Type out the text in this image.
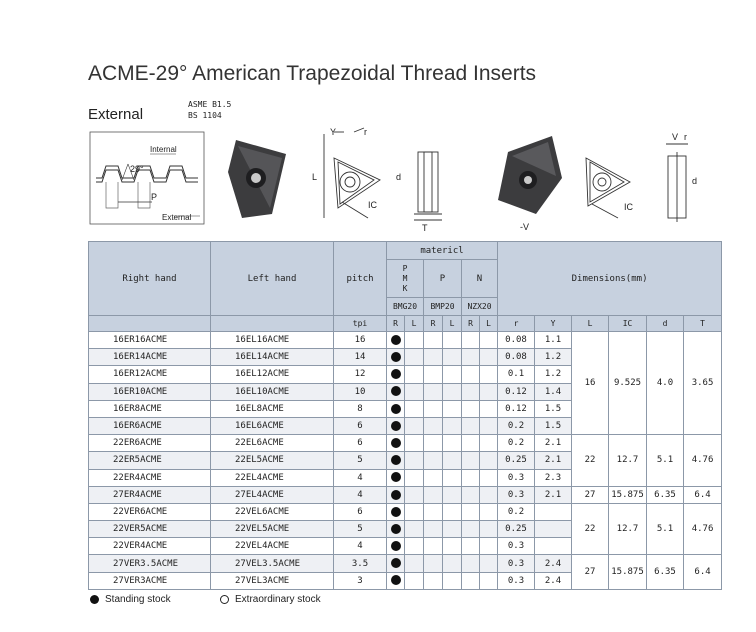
ACME-29° American Trapezoidal Thread Inserts
External
ASME B1.5
BS 1104
Internal
External
29°
P
Y	r
L
IC
d
T	-V
IC
V r
d
Right hand	Left hand	pitch	matericl						Dimensions(mm)					

			P
M
K		P		N							
			BMG20		BMP20		NZX20							
		tpi	R	L	R	L	R	L	r	Y	L	IC	d	T
16ER16ACME	16EL16ACME	16							0.08	1.1	16	9.525	4.0	3.65
16ER14ACME	16EL14ACME	14							0.08	1.2				
16ER12ACME	16EL12ACME	12							0.1	1.2				
16ER10ACME	16EL10ACME	10							0.12	1.4				
16ER8ACME	16EL8ACME	8							0.12	1.5				
16ER6ACME	16EL6ACME	6							0.2	1.5				
22ER6ACME	22EL6ACME	6							0.2	2.1	22	12.7	5.1	4.76
22ER5ACME	22EL5ACME	5							0.25	2.1				
22ER4ACME	22EL4ACME	4							0.3	2.3				
27ER4ACME	27EL4ACME	4							0.3	2.1	27	15.875	6.35	6.4
22VER6ACME	22VEL6ACME	6							0.2		22	12.7	5.1	4.76
22VER5ACME	22VEL5ACME	5							0.25					
22VER4ACME	22VEL4ACME	4							0.3					
27VER3.5ACME	27VEL3.5ACME	3.5							0.3	2.4	27	15.875	6.35	6.4
27VER3ACME	27VEL3ACME	3							0.3	2.4				
Standing stock	Extraordinary stock
